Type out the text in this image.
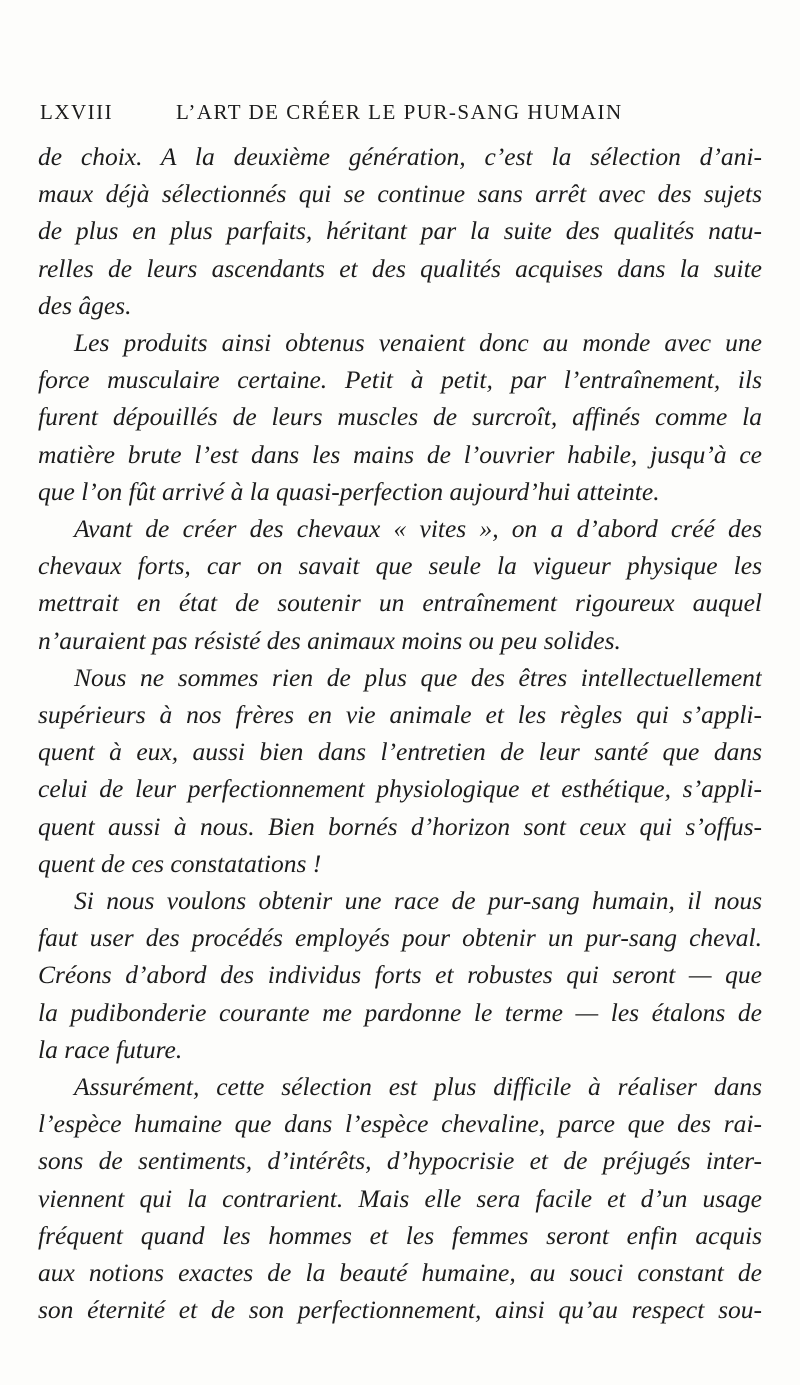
LXVIII	L’ART DE CRÉER LE PUR-SANG HUMAIN
de choix. A la deuxième génération, c’est la sélection d’ani-
maux déjà sélectionnés qui se continue sans arrêt avec des sujets
de plus en plus parfaits, héritant par la suite des qualités natu-
relles de leurs ascendants et des qualités acquises dans la suite
des âges.
Les produits ainsi obtenus venaient donc au monde avec une
force musculaire certaine. Petit à petit, par l’entraînement, ils
furent dépouillés de leurs muscles de surcroît, affinés comme la
matière brute l’est dans les mains de l’ouvrier habile, jusqu’à ce
que l’on fût arrivé à la quasi-perfection aujourd’hui atteinte.
Avant de créer des chevaux « vites », on a d’abord créé des
chevaux forts, car on savait que seule la vigueur physique les
mettrait en état de soutenir un entraînement rigoureux auquel
n’auraient pas résisté des animaux moins ou peu solides.
Nous ne sommes rien de plus que des êtres intellectuellement
supérieurs à nos frères en vie animale et les règles qui s’appli-
quent à eux, aussi bien dans l’entretien de leur santé que dans
celui de leur perfectionnement physiologique et esthétique, s’appli-
quent aussi à nous. Bien bornés d’horizon sont ceux qui s’offus-
quent de ces constatations !
Si nous voulons obtenir une race de pur-sang humain, il nous
faut user des procédés employés pour obtenir un pur-sang cheval.
Créons d’abord des individus forts et robustes qui seront — que
la pudibonderie courante me pardonne le terme — les étalons de
la race future.
Assurément, cette sélection est plus difficile à réaliser dans
l’espèce humaine que dans l’espèce chevaline, parce que des rai-
sons de sentiments, d’intérêts, d’hypocrisie et de préjugés inter-
viennent qui la contrarient. Mais elle sera facile et d’un usage
fréquent quand les hommes et les femmes seront enfin acquis
aux notions exactes de la beauté humaine, au souci constant de
son éternité et de son perfectionnement, ainsi qu’au respect sou-
